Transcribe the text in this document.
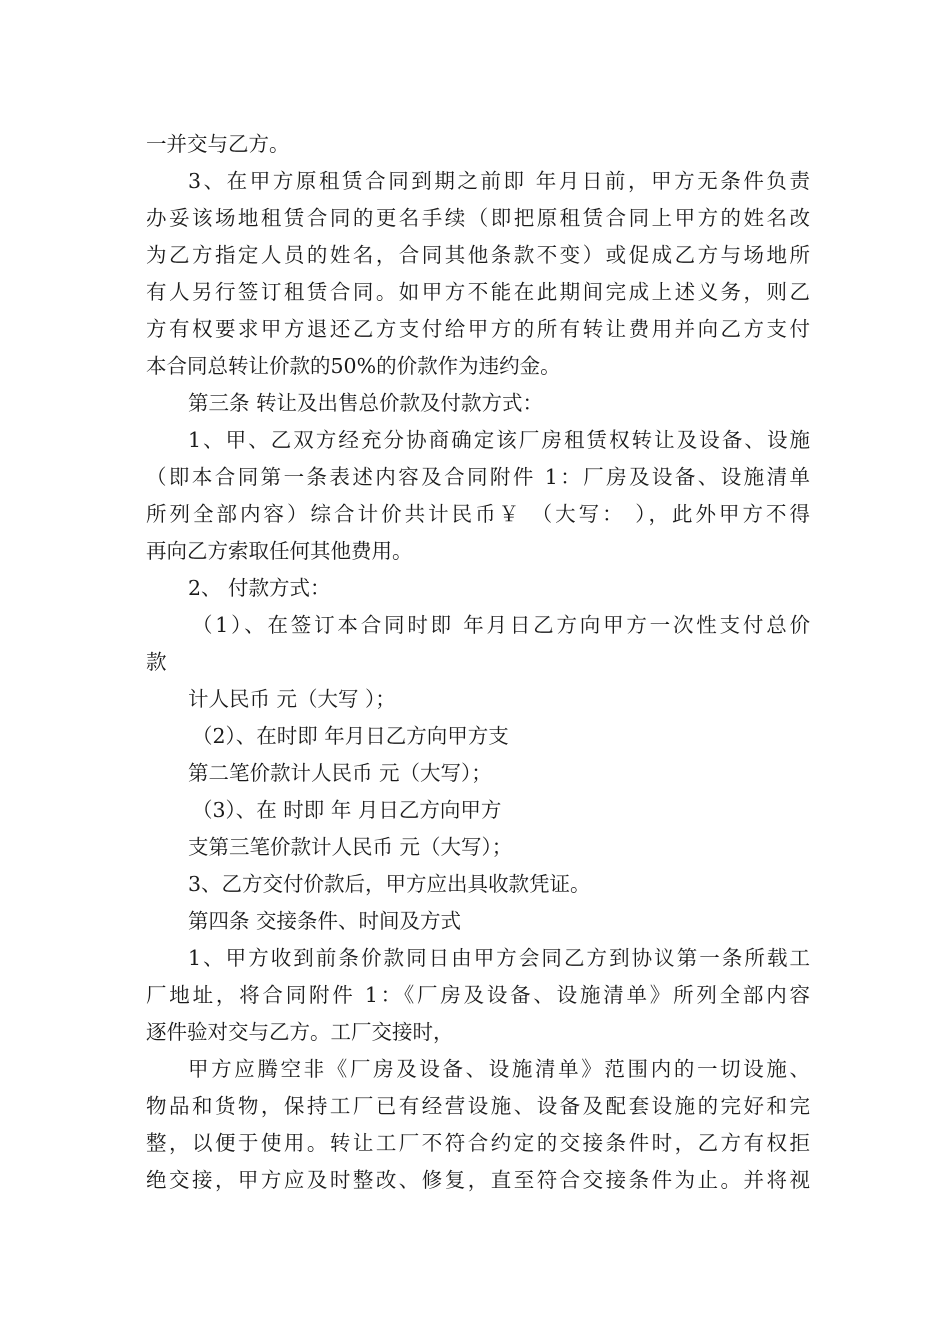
一并交与乙方。
3、在甲方原租赁合同到期之前即 年月日前，甲方无条件负责
办妥该场地租赁合同的更名手续（即把原租赁合同上甲方的姓名改
为乙方指定人员的姓名，合同其他条款不变）或促成乙方与场地所
有人另行签订租赁合同。如甲方不能在此期间完成上述义务，则乙
方有权要求甲方退还乙方支付给甲方的所有转让费用并向乙方支付
本合同总转让价款的50%的价款作为违约金。
第三条 转让及出售总价款及付款方式：
1、甲、乙双方经充分协商确定该厂房租赁权转让及设备、设施
（即本合同第一条表述内容及合同附件 1：厂房及设备、设施清单
所列全部内容）综合计价共计民币￥ （大写： ），此外甲方不得
再向乙方索取任何其他费用。
2、 付款方式：
（1）、在签订本合同时即 年月日乙方向甲方一次性支付总价
款
计人民币 元（大写 ）；
（2）、在时即 年月日乙方向甲方支
第二笔价款计人民币 元（大写）；
（3）、在 时即 年 月日乙方向甲方
支第三笔价款计人民币 元（大写）；
3、乙方交付价款后，甲方应出具收款凭证。
第四条 交接条件、时间及方式
1、甲方收到前条价款同日由甲方会同乙方到协议第一条所载工
厂地址，将合同附件 1：《厂房及设备、设施清单》所列全部内容
逐件验对交与乙方。工厂交接时，
甲方应腾空非《厂房及设备、设施清单》范围内的一切设施、
物品和货物，保持工厂已有经营设施、设备及配套设施的完好和完
整，以便于使用。转让工厂不符合约定的交接条件时，乙方有权拒
绝交接，甲方应及时整改、修复，直至符合交接条件为止。并将视
